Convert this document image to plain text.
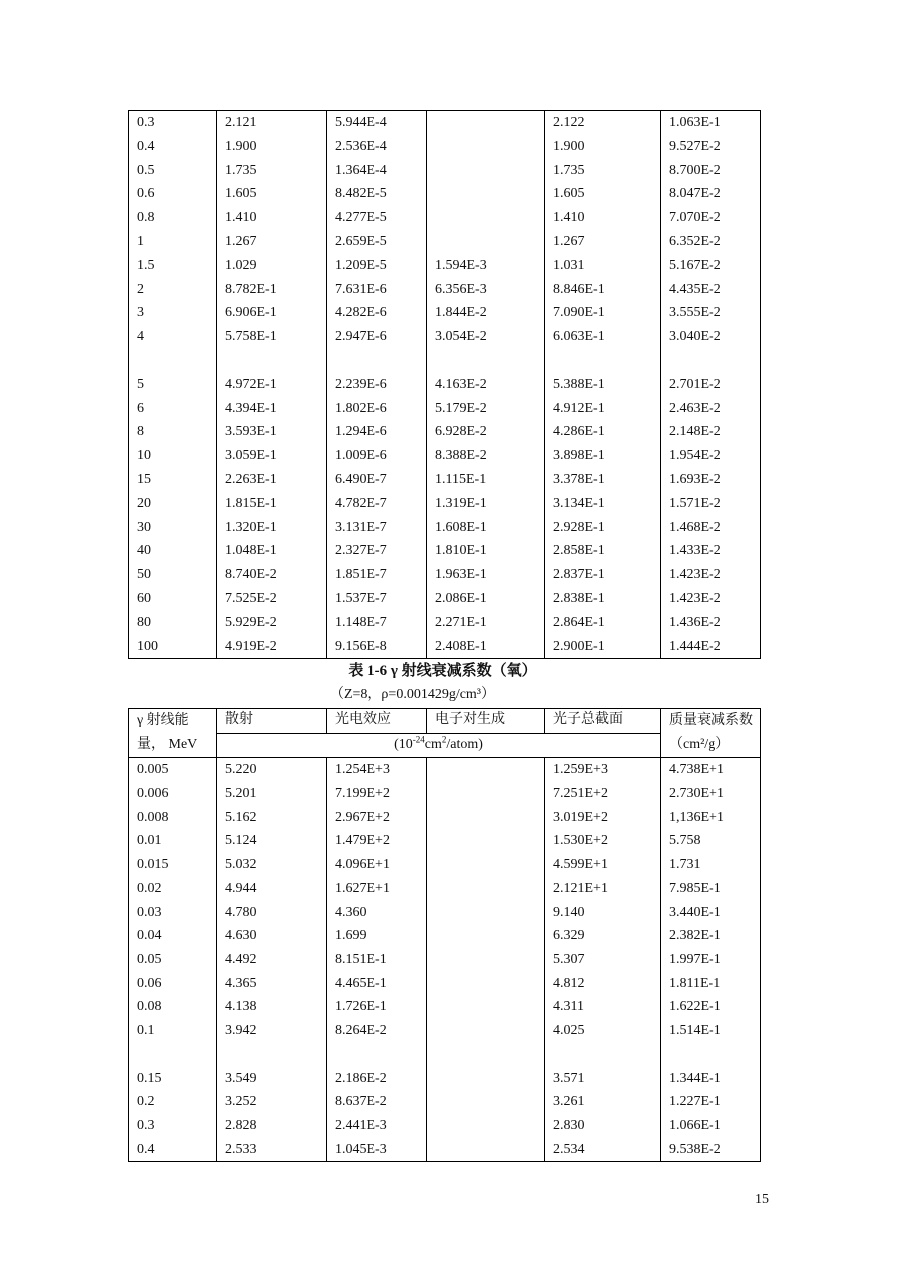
0.3	2.121	5.944E-4		2.122	1.063E-1
0.4	1.900	2.536E-4		1.900	9.527E-2
0.5	1.735	1.364E-4		1.735	8.700E-2
0.6	1.605	8.482E-5		1.605	8.047E-2
0.8	1.410	4.277E-5		1.410	7.070E-2
1	1.267	2.659E-5		1.267	6.352E-2
1.5	1.029	1.209E-5	1.594E-3	1.031	5.167E-2
2	8.782E-1	7.631E-6	6.356E-3	8.846E-1	4.435E-2
3	6.906E-1	4.282E-6	1.844E-2	7.090E-1	3.555E-2
4	5.758E-1	2.947E-6	3.054E-2	6.063E-1	3.040E-2

5	4.972E-1	2.239E-6	4.163E-2	5.388E-1	2.701E-2
6	4.394E-1	1.802E-6	5.179E-2	4.912E-1	2.463E-2
8	3.593E-1	1.294E-6	6.928E-2	4.286E-1	2.148E-2
10	3.059E-1	1.009E-6	8.388E-2	3.898E-1	1.954E-2
15	2.263E-1	6.490E-7	1.115E-1	3.378E-1	1.693E-2
20	1.815E-1	4.782E-7	1.319E-1	3.134E-1	1.571E-2
30	1.320E-1	3.131E-7	1.608E-1	2.928E-1	1.468E-2
40	1.048E-1	2.327E-7	1.810E-1	2.858E-1	1.433E-2
50	8.740E-2	1.851E-7	1.963E-1	2.837E-1	1.423E-2
60	7.525E-2	1.537E-7	2.086E-1	2.838E-1	1.423E-2
80	5.929E-2	1.148E-7	2.271E-1	2.864E-1	1.436E-2
100	4.919E-2	9.156E-8	2.408E-1	2.900E-1	1.444E-2
表 1-6 γ 射线衰减系数（氧）
（Z=8，ρ=0.001429g/cm³）
γ 射线能量， MeV	散射	光电效应	电子对生成	光子总截面	质量衰减系数（cm²/g）
	$(10^{-24}cm^2/atom)$				
0.005	5.220	1.254E+3		1.259E+3	4.738E+1
0.006	5.201	7.199E+2		7.251E+2	2.730E+1
0.008	5.162	2.967E+2		3.019E+2	1,136E+1
0.01	5.124	1.479E+2		1.530E+2	5.758
0.015	5.032	4.096E+1		4.599E+1	1.731
0.02	4.944	1.627E+1		2.121E+1	7.985E-1
0.03	4.780	4.360		9.140	3.440E-1
0.04	4.630	1.699		6.329	2.382E-1
0.05	4.492	8.151E-1		5.307	1.997E-1
0.06	4.365	4.465E-1		4.812	1.811E-1
0.08	4.138	1.726E-1		4.311	1.622E-1
0.1	3.942	8.264E-2		4.025	1.514E-1

0.15	3.549	2.186E-2		3.571	1.344E-1
0.2	3.252	8.637E-2		3.261	1.227E-1
0.3	2.828	2.441E-3		2.830	1.066E-1
0.4	2.533	1.045E-3		2.534	9.538E-2
15
